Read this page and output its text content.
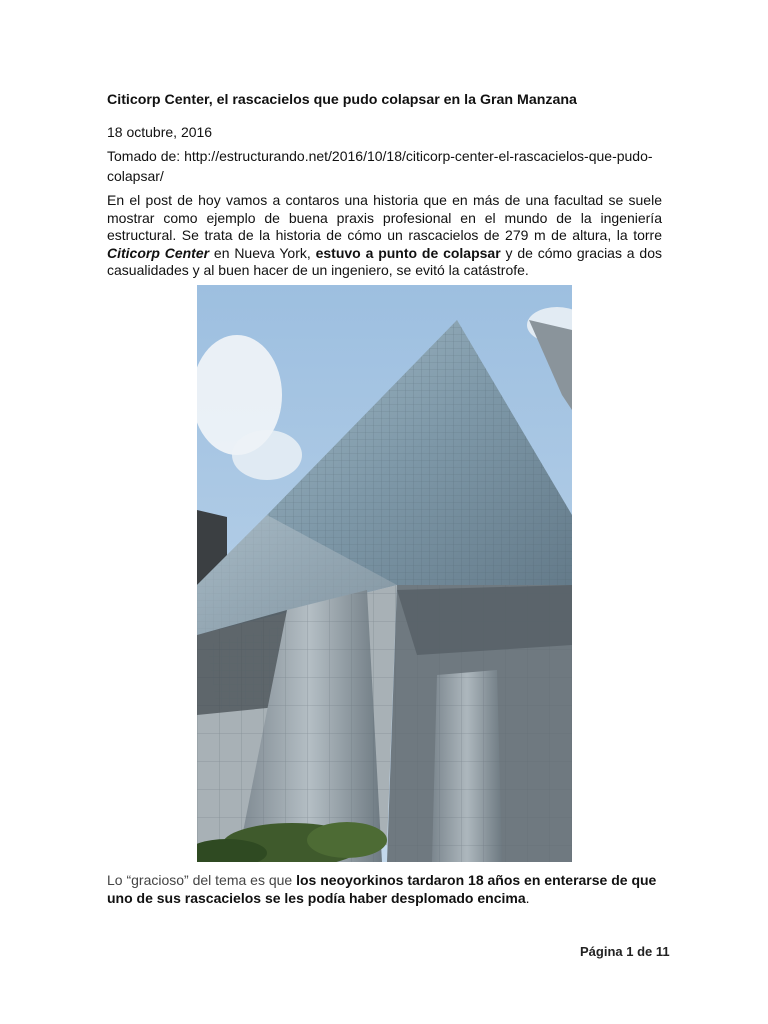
Citicorp Center, el rascacielos que pudo colapsar en la Gran Manzana
18 octubre, 2016
Tomado de: http://estructurando.net/2016/10/18/citicorp-center-el-rascacielos-que-pudo-colapsar/
En el post de hoy vamos a contaros una historia que en más de una facultad se suele mostrar como ejemplo de buena praxis profesional en el mundo de la ingeniería estructural. Se trata de la historia de cómo un rascacielos de 279 m de altura, la torre Citicorp Center en Nueva York, estuvo a punto de colapsar y de cómo gracias a dos casualidades y al buen hacer de un ingeniero, se evitó la catástrofe.
Lo “gracioso” del tema es que los neoyorkinos tardaron 18 años en enterarse de que uno de sus rascacielos se les podía haber desplomado encima.
Página 1 de 11
